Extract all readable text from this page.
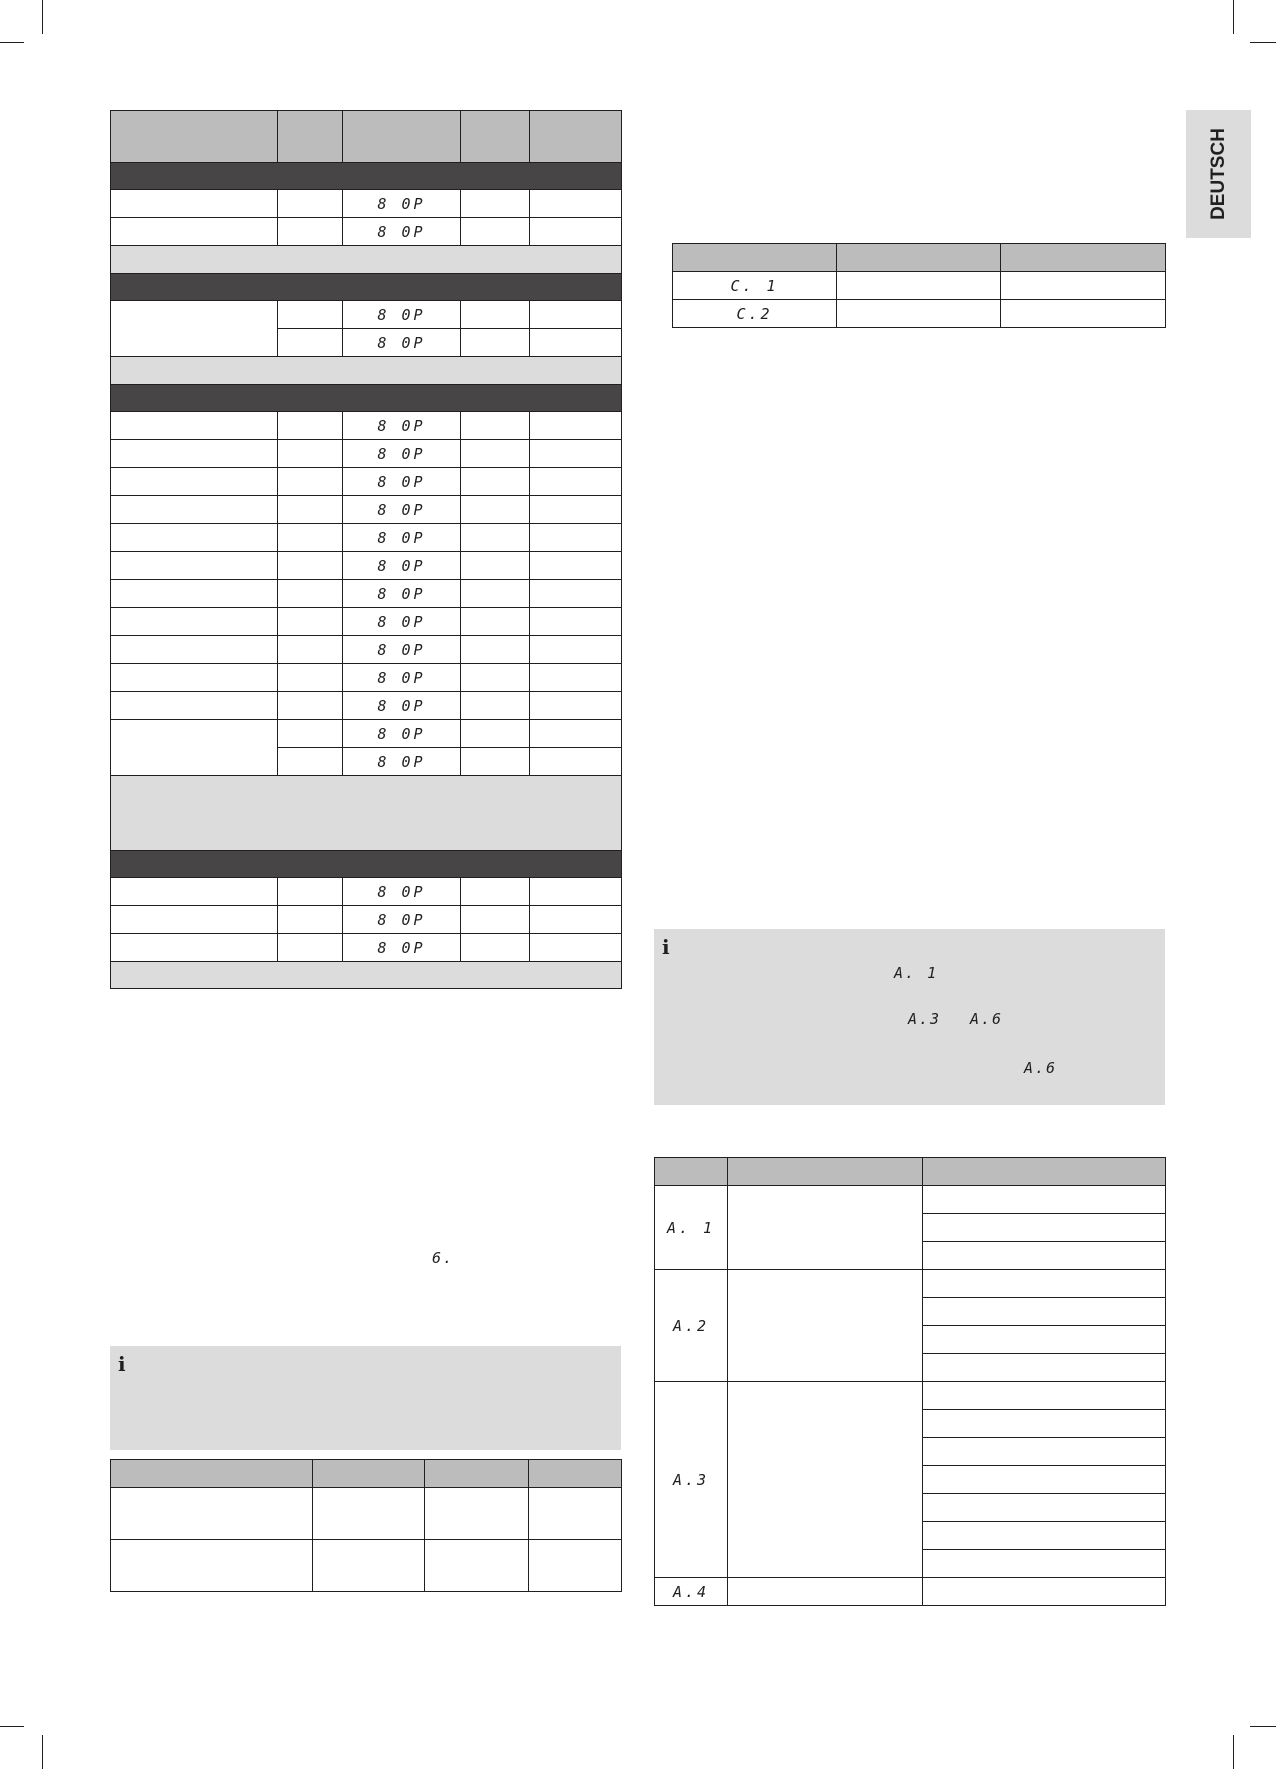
DEUTSCH

		8 0P		
		8 0P		

		8 0P		
		8 0P		

		8 0P		
		8 0P		
		8 0P		
		8 0P		
		8 0P		
		8 0P		
		8 0P		
		8 0P		
		8 0P		
		8 0P		
		8 0P		
		8 0P		
		8 0P		

		8 0P		
		8 0P		
		8 0P		

6.
i

C. 1		
C.2		
i
A. 1
A.3 A.6
A.6

A. 1		

A.2		

A.3		

A.4		
